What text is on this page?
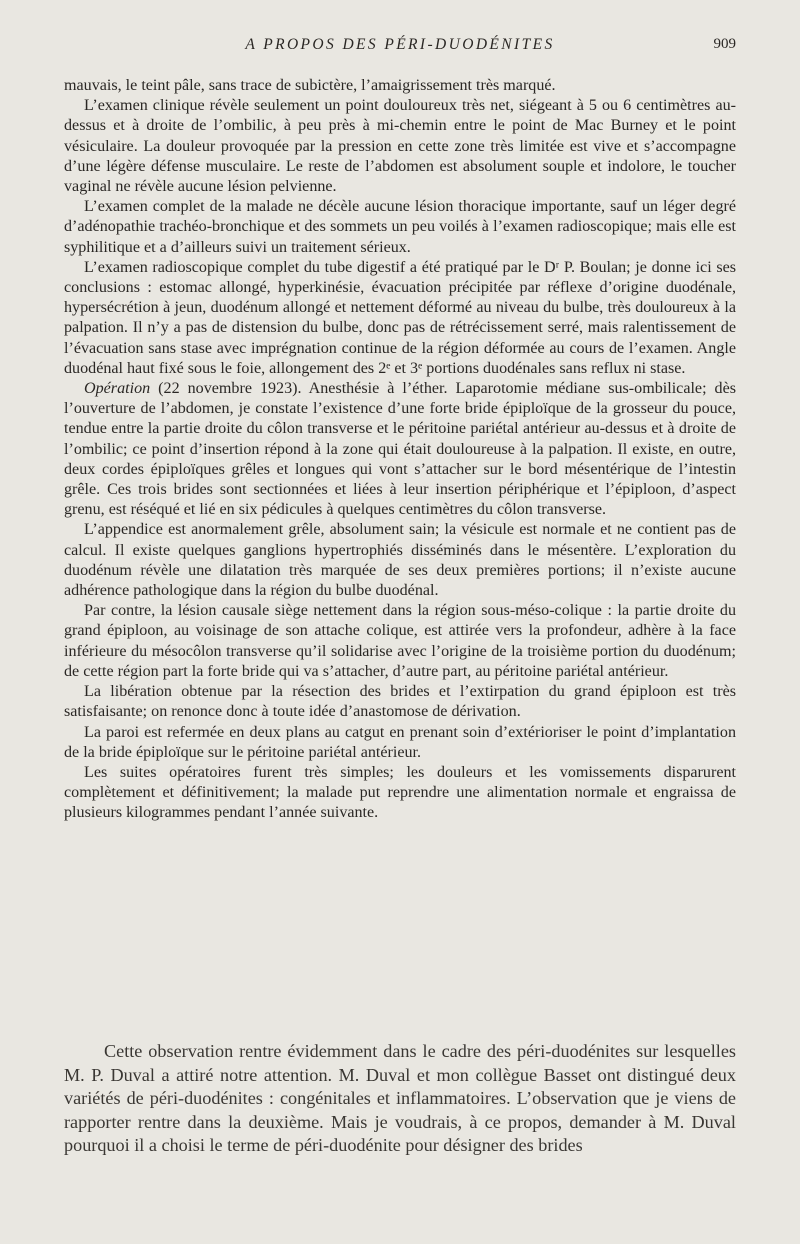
A PROPOS DES PÉRI-DUODÉNITES	909

mauvais, le teint pâle, sans trace de subictère, l’amaigrissement très marqué.

L’examen clinique révèle seulement un point douloureux très net, siégeant à 5 ou 6 centimètres au-dessus et à droite de l’ombilic, à peu près à mi-chemin entre le point de Mac Burney et le point vésiculaire. La douleur provoquée par la pression en cette zone très limitée est vive et s’accompagne d’une légère défense musculaire. Le reste de l’abdomen est absolument souple et indolore, le toucher vaginal ne révèle aucune lésion pelvienne.

L’examen complet de la malade ne décèle aucune lésion thoracique importante, sauf un léger degré d’adénopathie trachéo-bronchique et des sommets un peu voilés à l’examen radioscopique; mais elle est syphilitique et a d’ailleurs suivi un traitement sérieux.

L’examen radioscopique complet du tube digestif a été pratiqué par le Dʳ P. Boulan; je donne ici ses conclusions : estomac allongé, hyperkinésie, évacuation précipitée par réflexe d’origine duodénale, hypersécrétion à jeun, duodénum allongé et nettement déformé au niveau du bulbe, très douloureux à la palpation. Il n’y a pas de distension du bulbe, donc pas de rétrécissement serré, mais ralentissement de l’évacuation sans stase avec imprégnation continue de la région déformée au cours de l’examen. Angle duodénal haut fixé sous le foie, allongement des 2ᵉ et 3ᵉ portions duodénales sans reflux ni stase.

Opération (22 novembre 1923). Anesthésie à l’éther. Laparotomie médiane sus-ombilicale; dès l’ouverture de l’abdomen, je constate l’existence d’une forte bride épiploïque de la grosseur du pouce, tendue entre la partie droite du côlon transverse et le péritoine pariétal antérieur au-dessus et à droite de l’ombilic; ce point d’insertion répond à la zone qui était douloureuse à la palpation. Il existe, en outre, deux cordes épiploïques grêles et longues qui vont s’attacher sur le bord mésentérique de l’intestin grêle. Ces trois brides sont sectionnées et liées à leur insertion périphérique et l’épiploon, d’aspect grenu, est réséqué et lié en six pédicules à quelques centimètres du côlon transverse.

L’appendice est anormalement grêle, absolument sain; la vésicule est normale et ne contient pas de calcul. Il existe quelques ganglions hypertrophiés disséminés dans le mésentère. L’exploration du duodénum révèle une dilatation très marquée de ses deux premières portions; il n’existe aucune adhérence pathologique dans la région du bulbe duodénal.

Par contre, la lésion causale siège nettement dans la région sous-méso-colique : la partie droite du grand épiploon, au voisinage de son attache colique, est attirée vers la profondeur, adhère à la face inférieure du mésocôlon transverse qu’il solidarise avec l’origine de la troisième portion du duodénum; de cette région part la forte bride qui va s’attacher, d’autre part, au péritoine pariétal antérieur.

La libération obtenue par la résection des brides et l’extirpation du grand épiploon est très satisfaisante; on renonce donc à toute idée d’anastomose de dérivation.

La paroi est refermée en deux plans au catgut en prenant soin d’extérioriser le point d’implantation de la bride épiploïque sur le péritoine pariétal antérieur.

Les suites opératoires furent très simples; les douleurs et les vomissements disparurent complètement et définitivement; la malade put reprendre une alimentation normale et engraissa de plusieurs kilogrammes pendant l’année suivante.

Cette observation rentre évidemment dans le cadre des péri-duodénites sur lesquelles M. P. Duval a attiré notre attention. M. Duval et mon collègue Basset ont distingué deux variétés de péri-duodénites : congénitales et inflammatoires. L’observation que je viens de rapporter rentre dans la deuxième. Mais je voudrais, à ce propos, demander à M. Duval pourquoi il a choisi le terme de péri-duodénite pour désigner des brides
